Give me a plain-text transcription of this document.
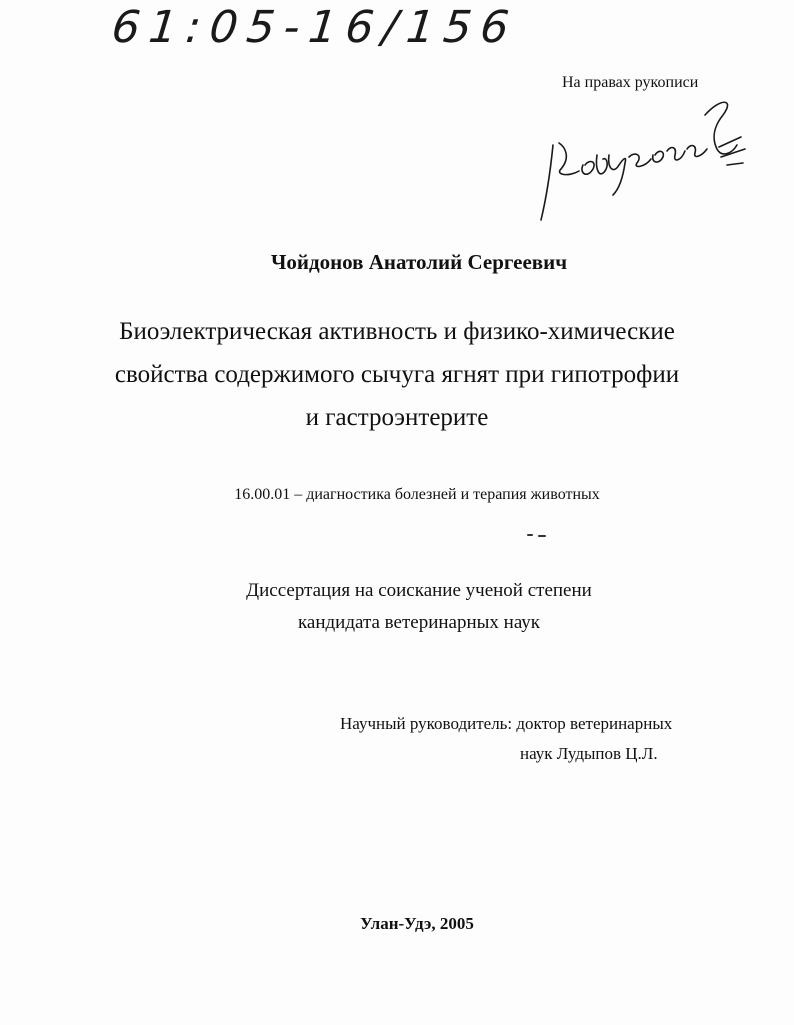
61:05-16/156
На правах рукописи
Чойдонов Анатолий Сергеевич
Биоэлектрическая активность и физико-химические
свойства содержимого сычуга ягнят при гипотрофии
и гастроэнтерите
16.00.01 – диагностика болезней и терапия животных
Диссертация на соискание ученой степени
кандидата ветеринарных наук
Научный руководитель: доктор ветеринарных
наук Лудыпов Ц.Л.
Улан-Удэ, 2005
